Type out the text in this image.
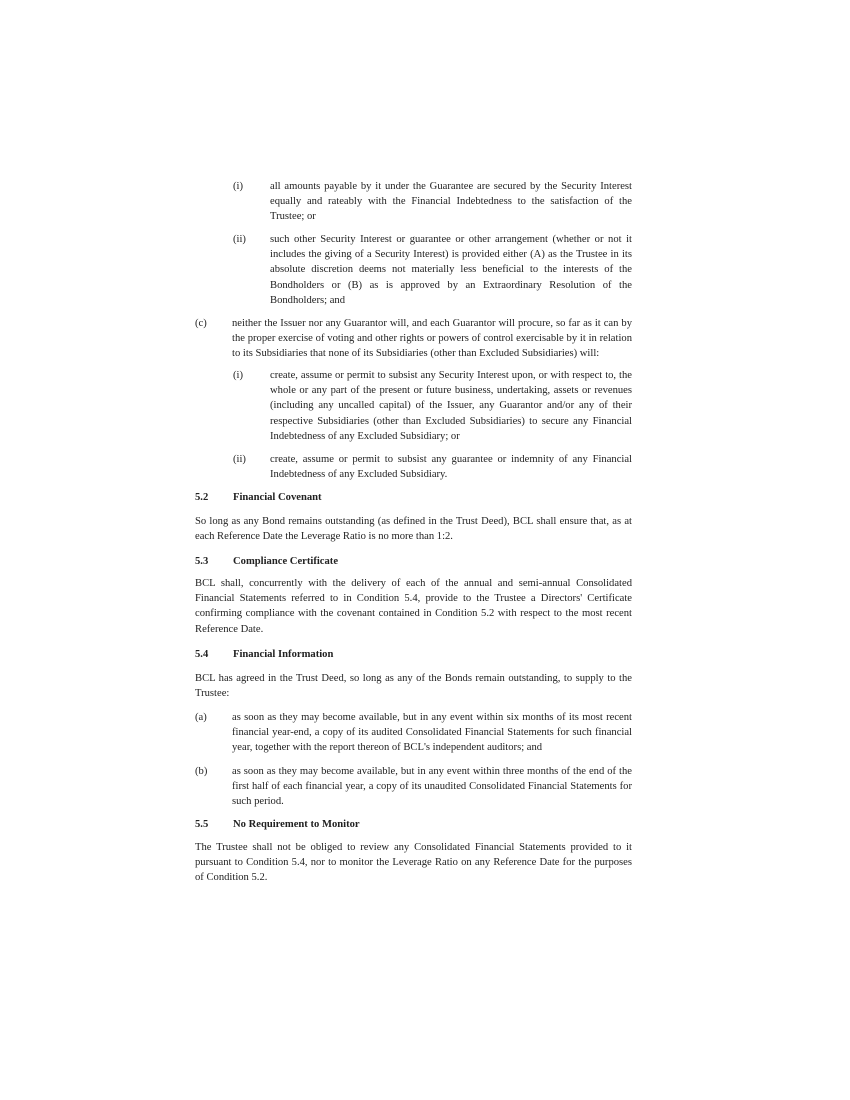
(i)	all amounts payable by it under the Guarantee are secured by the Security Interest equally and rateably with the Financial Indebtedness to the satisfaction of the Trustee; or

(ii) such other Security Interest or guarantee or other arrangement (whether or not it includes the giving of a Security Interest) is provided either (A) as the Trustee in its absolute discretion deems not materially less beneficial to the interests of the Bondholders or (B) as is approved by an Extraordinary Resolution of the Bondholders; and

(c) neither the Issuer nor any Guarantor will, and each Guarantor will procure, so far as it can by the proper exercise of voting and other rights or powers of control exercisable by it in relation to its Subsidiaries that none of its Subsidiaries (other than Excluded Subsidiaries) will:

(i)	create, assume or permit to subsist any Security Interest upon, or with respect to, the whole or any part of the present or future business, undertaking, assets or revenues (including any uncalled capital) of the Issuer, any Guarantor and/or any of their respective Subsidiaries (other than Excluded Subsidiaries) to secure any Financial Indebtedness of any Excluded Subsidiary; or

(ii) create, assume or permit to subsist any guarantee or indemnity of any Financial Indebtedness of any Excluded Subsidiary.

5.2 Financial Covenant

So long as any Bond remains outstanding (as defined in the Trust Deed), BCL shall ensure that, as at each Reference Date the Leverage Ratio is no more than 1:2.

5.3 Compliance Certificate

BCL shall, concurrently with the delivery of each of the annual and semi-annual Consolidated Financial Statements referred to in Condition 5.4, provide to the Trustee a Directors' Certificate confirming compliance with the covenant contained in Condition 5.2 with respect to the most recent Reference Date.

5.4 Financial Information

BCL has agreed in the Trust Deed, so long as any of the Bonds remain outstanding, to supply to the Trustee:

(a) as soon as they may become available, but in any event within six months of its most recent financial year-end, a copy of its audited Consolidated Financial Statements for such financial year, together with the report thereon of BCL's independent auditors; and

(b) as soon as they may become available, but in any event within three months of the end of the first half of each financial year, a copy of its unaudited Consolidated Financial Statements for such period.

5.5 No Requirement to Monitor

The Trustee shall not be obliged to review any Consolidated Financial Statements provided to it pursuant to Condition 5.4, nor to monitor the Leverage Ratio on any Reference Date for the purposes of Condition 5.2.
